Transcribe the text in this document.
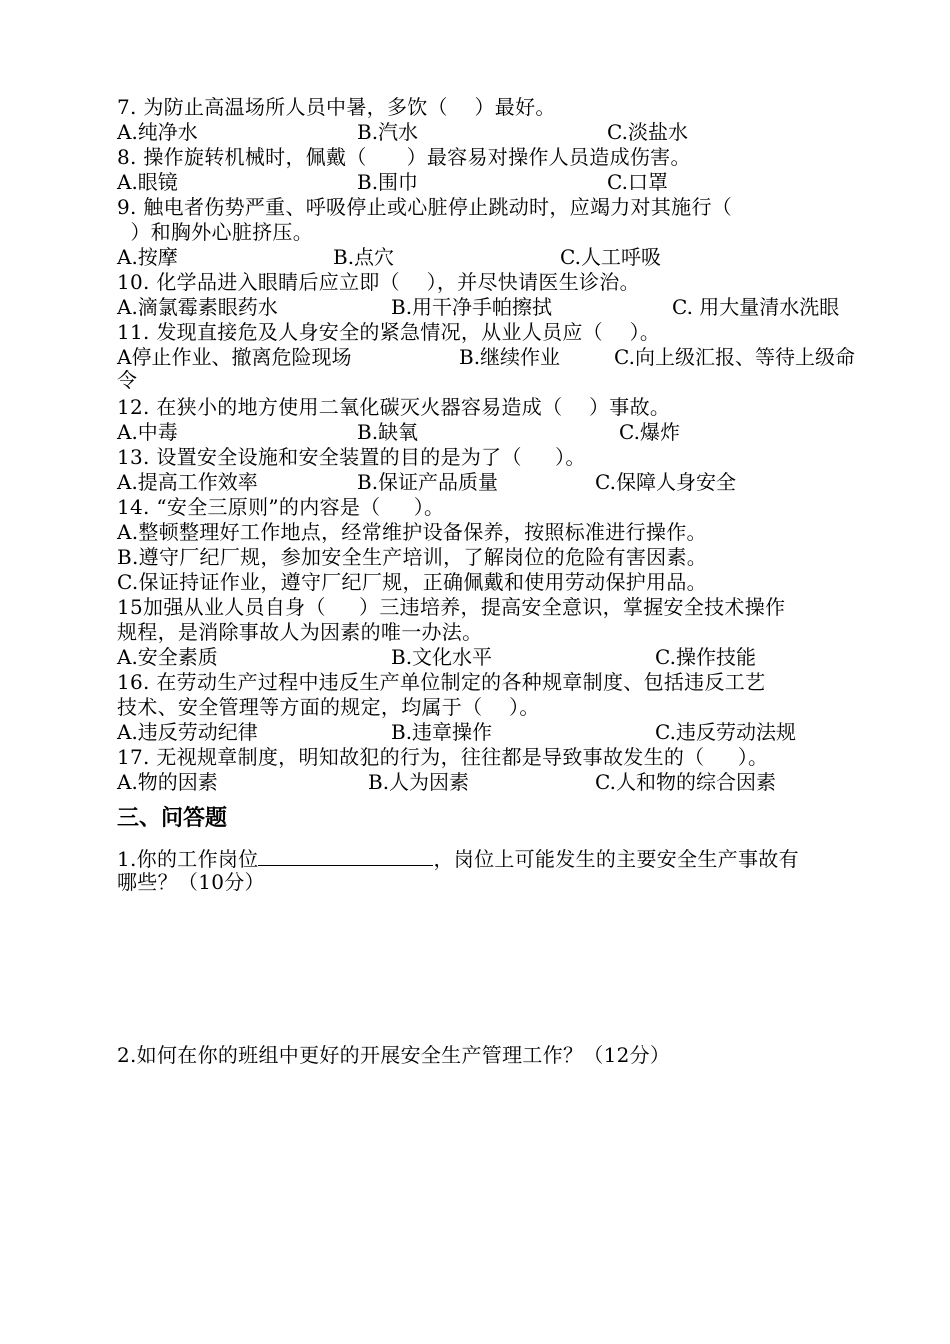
7. 为防止高温场所人员中暑，多饮（    ）最好。
A.纯净水	B.汽水	C.淡盐水
8. 操作旋转机械时，佩戴（      ）最容易对操作人员造成伤害。
A.眼镜	B.围巾	C.口罩
9. 触电者伤势严重、呼吸停止或心脏停止跳动时，应竭力对其施行（
）和胸外心脏挤压。
A.按摩	B.点穴	C.人工呼吸
10. 化学品进入眼睛后应立即（    ），并尽快请医生诊治。
A.滴氯霉素眼药水	B.用干净手帕擦拭	C. 用大量清水洗眼
11. 发现直接危及人身安全的紧急情况，从业人员应（    ）。
A停止作业、撤离危险现场	B.继续作业	C.向上级汇报、等待上级命
令
12. 在狭小的地方使用二氧化碳灭火器容易造成（    ）事故。
A.中毒	B.缺氧	C.爆炸
13. 设置安全设施和安全装置的目的是为了（     ）。
A.提高工作效率	B.保证产品质量	C.保障人身安全
14. “安全三原则”的内容是（     ）。
A.整顿整理好工作地点，经常维护设备保养，按照标准进行操作。
B.遵守厂纪厂规，参加安全生产培训，了解岗位的危险有害因素。
C.保证持证作业，遵守厂纪厂规，正确佩戴和使用劳动保护用品。
15加强从业人员自身（     ）三违培养，提高安全意识，掌握安全技术操作
规程，是消除事故人为因素的唯一办法。
A.安全素质	B.文化水平	C.操作技能
16. 在劳动生产过程中违反生产单位制定的各种规章制度、包括违反工艺
技术、安全管理等方面的规定，均属于（    ）。
A.违反劳动纪律	B.违章操作	C.违反劳动法规
17. 无视规章制度，明知故犯的行为，往往都是导致事故发生的（     ）。
A.物的因素	B.人为因素	C.人和物的综合因素
三、问答题
1.你的工作岗位	，岗位上可能发生的主要安全生产事故有
哪些？（10分）
2.如何在你的班组中更好的开展安全生产管理工作？（12分）
